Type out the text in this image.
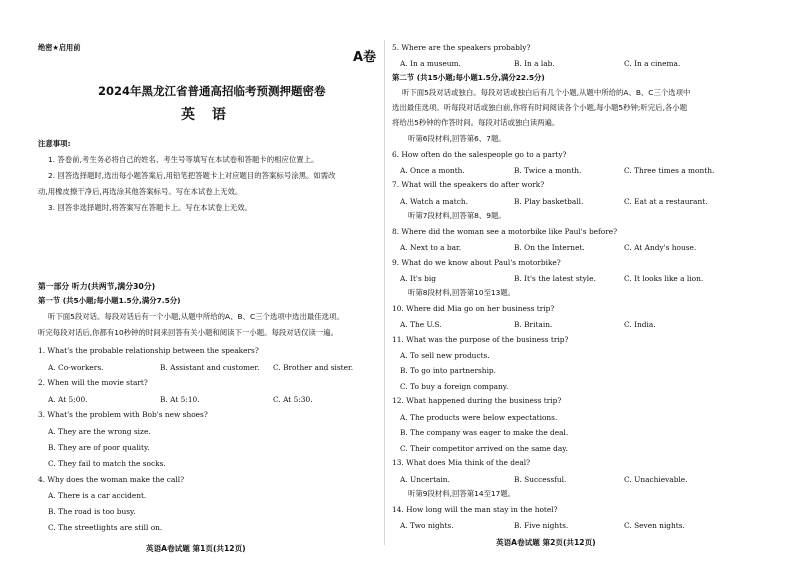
绝密★启用前
A卷
2024年黑龙江省普通高招临考预测押题密卷
英 语
注意事项:
1. 答卷前,考生务必将自己的姓名、考生号等填写在本试卷和答题卡的相应位置上。
2. 回答选择题时,选出每小题答案后,用铅笔把答题卡上对应题目的答案标号涂黑。如需改
动,用橡皮擦干净后,再选涂其他答案标号。写在本试卷上无效。
3. 回答非选择题时,将答案写在答题卡上。写在本试卷上无效。
第一部分 听力(共两节,满分30分)
第一节 (共5小题;每小题1.5分,满分7.5分)
听下面5段对话。每段对话后有一个小题,从题中所给的A、B、C三个选项中选出最佳选项。
听完每段对话后,你都有10秒钟的时间来回答有关小题和阅读下一小题。每段对话仅读一遍。
1. What's the probable relationship between the speakers?
A. Co-workers.	B. Assistant and customer. C. Brother and sister.
2. When will the movie start?
A. At 5:00.	B. At 5:10.	C. At 5:30.
3. What's the problem with Bob's new shoes?
A. They are the wrong size.
B. They are of poor quality.
C. They fail to match the socks.
4. Why does the woman make the call?
A. There is a car accident.
B. The road is too busy.
C. The streetlights are still on.
英语A卷试题 第1页(共12页)
5. Where are the speakers probably?
A. In a museum.	B. In a lab.	C. In a cinema.
第二节 (共15小题;每小题1.5分,满分22.5分)
听下面5段对话或独白。每段对话或独白后有几个小题,从题中所给的A、B、C三个选项中
选出最佳选项。听每段对话或独白前,你将有时间阅读各个小题,每小题5秒钟;听完后,各小题
将给出5秒钟的作答时间。每段对话或独白读两遍。
听第6段材料,回答第6、7题。
6. How often do the salespeople go to a party?
A. Once a month.	B. Twice a month.	C. Three times a month.
7. What will the speakers do after work?
A. Watch a match.	B. Play basketball.	C. Eat at a restaurant.
听第7段材料,回答第8、9题。
8. Where did the woman see a motorbike like Paul's before?
A. Next to a bar.	B. On the Internet.	C. At Andy's house.
9. What do we know about Paul's motorbike?
A. It's big	B. It's the latest style.	C. It looks like a lion.
听第8段材料,回答第10至13题。
10. Where did Mia go on her business trip?
A. The U.S.	B. Britain.	C. India.
11. What was the purpose of the business trip?
A. To sell new products.
B. To go into partnership.
C. To buy a foreign company.
12. What happened during the business trip?
A. The products were below expectations.
B. The company was eager to make the deal.
C. Their competitor arrived on the same day.
13. What does Mia think of the deal?
A. Uncertain.	B. Successful.	C. Unachievable.
听第9段材料,回答第14至17题。
14. How long will the man stay in the hotel?
A. Two nights.	B. Five nights.	C. Seven nights.
英语A卷试题 第2页(共12页)
